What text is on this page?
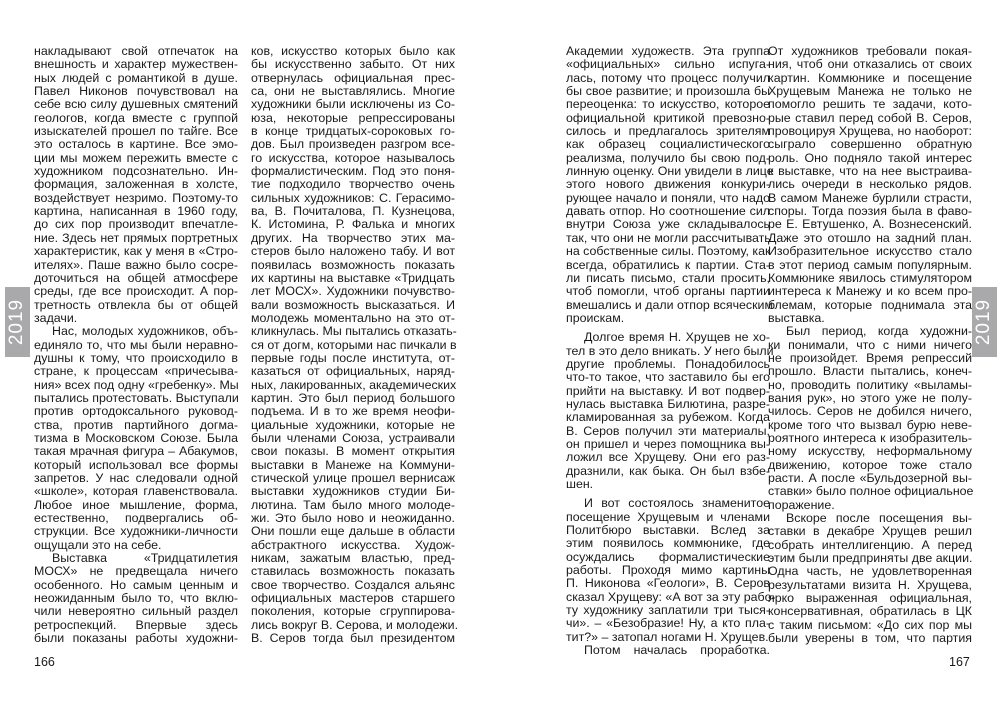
2019
накладывают свой отпечаток на
внешность и характер мужествен-
ных людей с романтикой в душе.
Павел Никонов почувствовал на
себе всю силу душевных смятений
геологов, когда вместе с группой
изыскателей прошел по тайге. Все
это осталось в картине. Все эмо-
ции мы можем пережить вместе с
художником подсознательно. Ин-
формация, заложенная в холсте,
воздействует незримо. Поэтому-то
картина, написанная в 1960 году,
до сих пор производит впечатле-
ние. Здесь нет прямых портретных
характеристик, как у меня в «Стро-
ителях». Паше важно было сосре-
доточиться на общей атмосфере
среды, где все происходит. А пор-
третность отвлекла бы от общей
задачи.
Нас, молодых художников, объ-
единяло то, что мы были неравно-
душны к тому, что происходило в
стране, к процессам «причесыва-
ния» всех под одну «гребенку». Мы
пытались протестовать. Выступали
против ортодоксального руковод-
ства, против партийного догма-
тизма в Московском Союзе. Была
такая мрачная фигура – Абакумов,
который использовал все формы
запретов. У нас следовали одной
«школе», которая главенствовала.
Любое иное мышление, форма,
естественно, подвергались об-
струкции. Все художники-личности
ощущали это на себе.
Выставка «Тридцатилетия
МОСХ» не предвещала ничего
особенного. Но самым ценным и
неожиданным было то, что вклю-
чили невероятно сильный раздел
ретроспекций. Впервые здесь
были показаны работы художни-
ков, искусство которых было как
бы искусственно забыто. От них
отвернулась официальная прес-
са, они не выставлялись. Многие
художники были исключены из Со-
юза, некоторые репрессированы
в конце тридцатых-сороковых го-
дов. Был произведен разгром все-
го искусства, которое называлось
формалистическим. Под это поня-
тие подходило творчество очень
сильных художников: С. Герасимо-
ва, В. Почиталова, П. Кузнецова,
К. Истомина, Р. Фалька и многих
других. На творчество этих ма-
стеров было наложено табу. И вот
появилась возможность показать
их картины на выставке «Тридцать
лет МОСХ». Художники почувство-
вали возможность высказаться. И
молодежь моментально на это от-
кликнулась. Мы пытались отказать-
ся от догм, которыми нас пичкали в
первые годы после института, от-
казаться от официальных, наряд-
ных, лакированных, академических
картин. Это был период большого
подъема. И в то же время неофи-
циальные художники, которые не
были членами Союза, устраивали
свои показы. В момент открытия
выставки в Манеже на Коммуни-
стической улице прошел вернисаж
выставки художников студии Би-
лютина. Там было много молоде-
жи. Это было ново и неожиданно.
Они пошли еще дальше в области
абстрактного искусства. Худож-
никам, зажатым властью, пред-
ставилась возможность показать
свое творчество. Создался альянс
официальных мастеров старшего
поколения, которые сгруппирова-
лись вокруг В. Серова, и молодежи.
В. Серов тогда был президентом
166
2019
Академии художеств. Эта группа
«официальных» сильно испуга-
лась, потому что процесс получил
бы свое развитие; и произошла бы
переоценка: то искусство, которое
официальной критикой превозно-
силось и предлагалось зрителям
как образец социалистического
реализма, получило бы свою под-
линную оценку. Они увидели в лице
этого нового движения конкури-
рующее начало и поняли, что надо
давать отпор. Но соотношение сил
внутри Союза уже складывалось
так, что они не могли рассчитывать
на собственные силы. Поэтому, как
всегда, обратились к партии. Ста-
ли писать письмо, стали просить,
чтоб помогли, чтоб органы партии
вмешались и дали отпор всяческим
проискам.
Долгое время Н. Хрущев не хо-
тел в это дело вникать. У него были
другие проблемы. Понадобилось
что-то такое, что заставило бы его
прийти на выставку. И вот подвер-
нулась выставка Билютина, разре-
кламированная за рубежом. Когда
В. Серов получил эти материалы,
он пришел и через помощника вы-
ложил все Хрущеву. Они его раз-
дразнили, как быка. Он был взбе-
шен.
И вот состоялось знаменитое
посещение Хрущевым и членами
Политбюро выставки. Вслед за
этим появилось коммюнике, где
осуждались формалистические
работы. Проходя мимо картины
П. Никонова «Геологи», В. Серов
сказал Хрущеву: «А вот за эту рабо-
ту художнику заплатили три тыся-
чи». – «Безобразие! Ну, а кто пла-
тит?» – затопал ногами Н. Хрущев.
Потом началась проработка.
От художников требовали покая-
ния, чтоб они отказались от своих
картин. Коммюнике и посещение
Хрущевым Манежа не только не
помогло решить те задачи, кото-
рые ставил перед собой В. Серов,
провоцируя Хрущева, но наоборот:
сыграло совершенно обратную
роль. Оно подняло такой интерес
к выставке, что на нее выстраива-
лись очереди в несколько рядов.
В самом Манеже бурлили страсти,
споры. Тогда поэзия была в фаво-
ре Е. Евтушенко, А. Вознесенский.
Даже это отошло на задний план.
Изобразительное искусство стало
в этот период самым популярным.
Коммюнике явилось стимулятором
интереса к Манежу и ко всем про-
блемам, которые поднимала эта
выставка.
Был период, когда художни-
ки понимали, что с ними ничего
не произойдет. Время репрессий
прошло. Власти пытались, конеч-
но, проводить политику «выламы-
вания рук», но этого уже не полу-
чилось. Серов не добился ничего,
кроме того что вызвал бурю неве-
роятного интереса к изобразитель-
ному искусству, неформальному
движению, которое тоже стало
расти. А после «Бульдозерной вы-
ставки» было полное официальное
поражение.
Вскоре после посещения вы-
ставки в декабре Хрущев решил
собрать интеллигенцию. А перед
этим были предприняты две акции.
Одна часть, не удовлетворенная
результатами визита Н. Хрущева,
ярко выраженная официальная,
консервативная, обратилась в ЦК
с таким письмом: «До сих пор мы
были уверены в том, что партия
167
